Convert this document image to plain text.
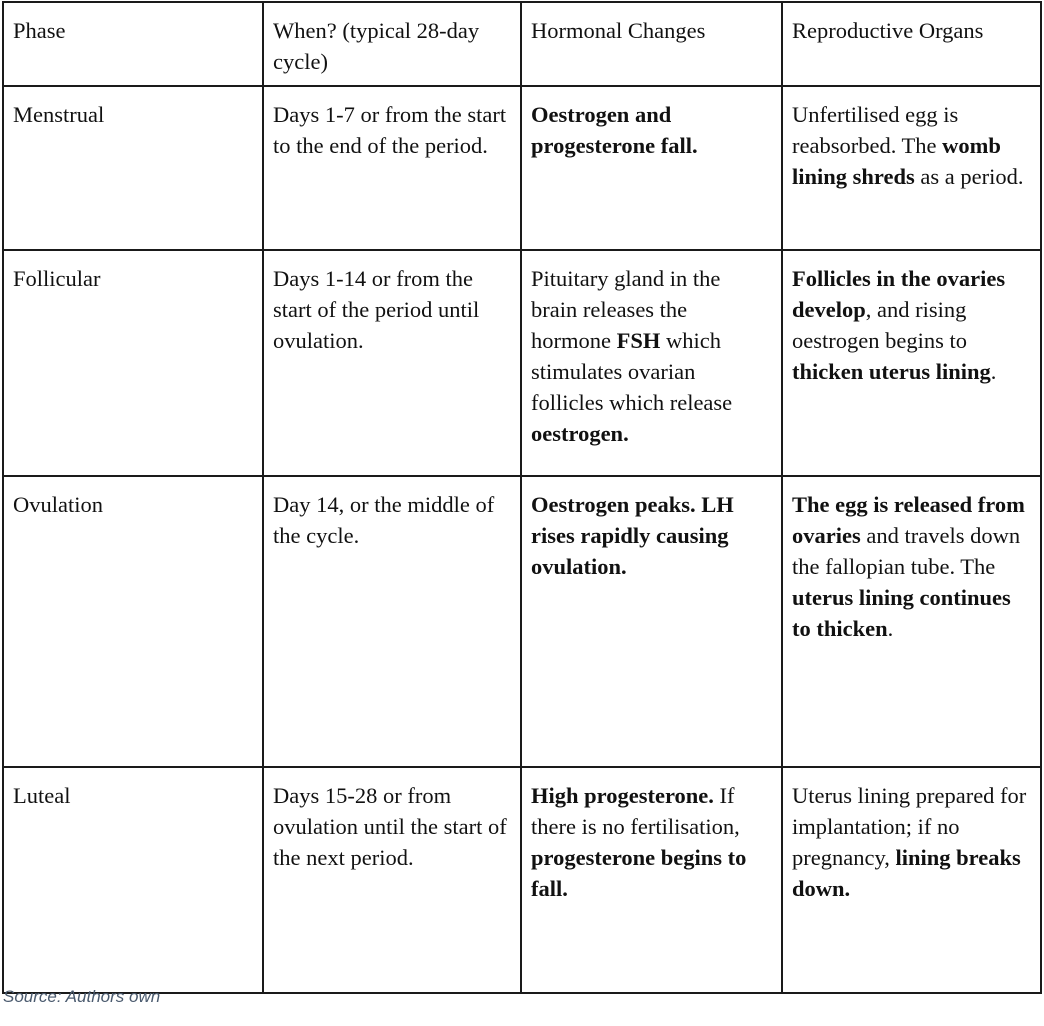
Phase	When? (typical 28-day cycle)	Hormonal Changes	Reproductive Organs
Menstrual	Days 1-7 or from the start to the end of the period.	Oestrogen and progesterone fall.	Unfertilised egg is reabsorbed. The womb lining shreds as a period.
Follicular	Days 1-14 or from the start of the period until ovulation.	Pituitary gland in the brain releases the hormone FSH which stimulates ovarian follicles which release oestrogen.	Follicles in the ovaries develop, and rising oestrogen begins to thicken uterus lining.
Ovulation	Day 14, or the middle of the cycle.	Oestrogen peaks. LH rises rapidly causing ovulation.	The egg is released from ovaries and travels down the fallopian tube. The uterus lining continues to thicken.
Luteal	Days 15-28 or from ovulation until the start of the next period.	High progesterone. If there is no fertilisation, progesterone begins to fall.	Uterus lining prepared for implantation; if no pregnancy, lining breaks down.
Source: Authors own
